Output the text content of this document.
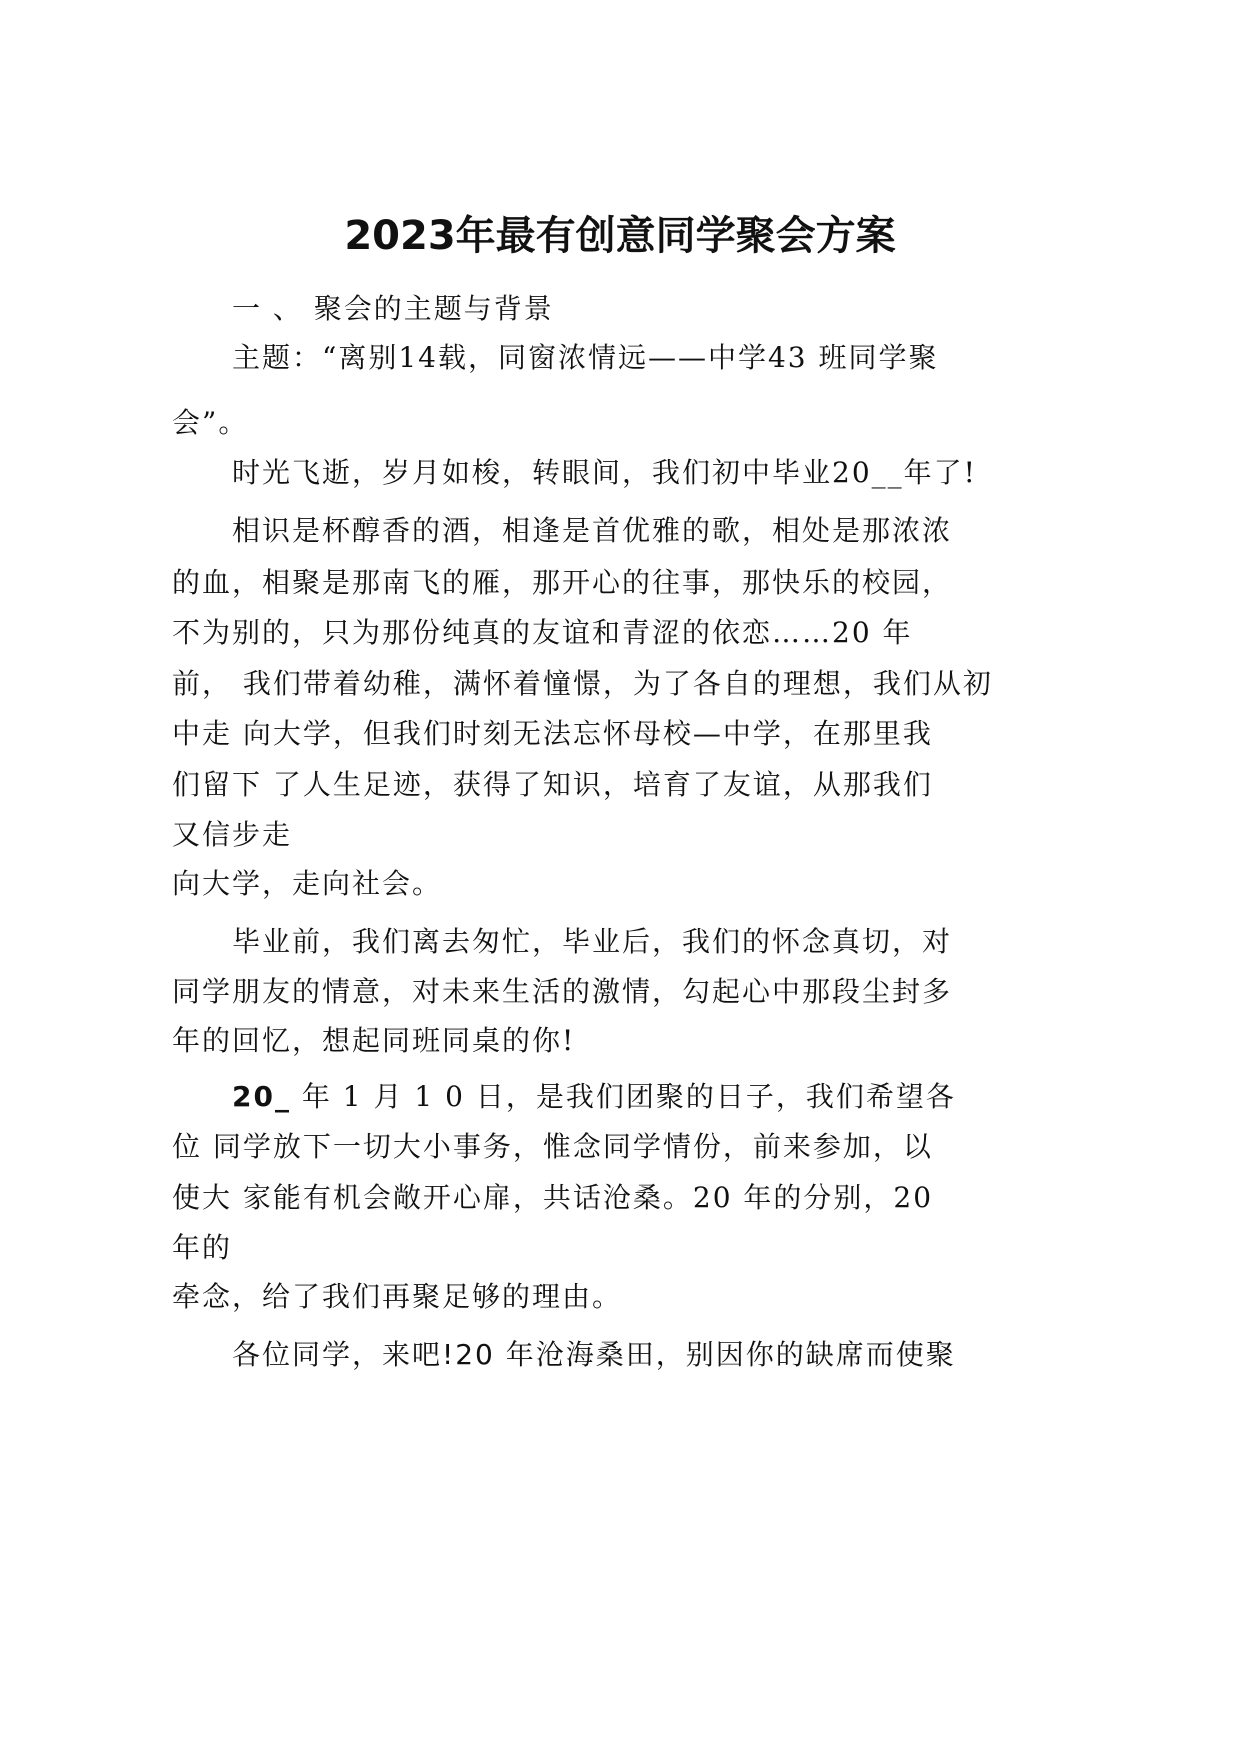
2023年最有创意同学聚会方案

一 、 聚会的主题与背景

主题：“离别14载，同窗浓情远——中学43 班同学聚

会”。

时光飞逝，岁月如梭，转眼间，我们初中毕业20__年了!

相识是杯醇香的酒，相逢是首优雅的歌，相处是那浓浓

的血，相聚是那南飞的雁，那开心的往事，那快乐的校园，

不为别的，只为那份纯真的友谊和青涩的依恋……20 年

前， 我们带着幼稚，满怀着憧憬，为了各自的理想，我们从初

中走 向大学，但我们时刻无法忘怀母校—中学，在那里我

们留下 了人生足迹，获得了知识，培育了友谊，从那我们

又信步走

向大学，走向社会。

毕业前，我们离去匆忙，毕业后，我们的怀念真切，对

同学朋友的情意，对未来生活的激情，勾起心中那段尘封多

年的回忆，想起同班同桌的你!

20_ 年 1 月 1 0 日，是我们团聚的日子，我们希望各

位 同学放下一切大小事务，惟念同学情份，前来参加，以

使大 家能有机会敞开心扉，共话沧桑。20 年的分别，20

年的

牵念，给了我们再聚足够的理由。

各位同学，来吧!20 年沧海桑田，别因你的缺席而使聚
